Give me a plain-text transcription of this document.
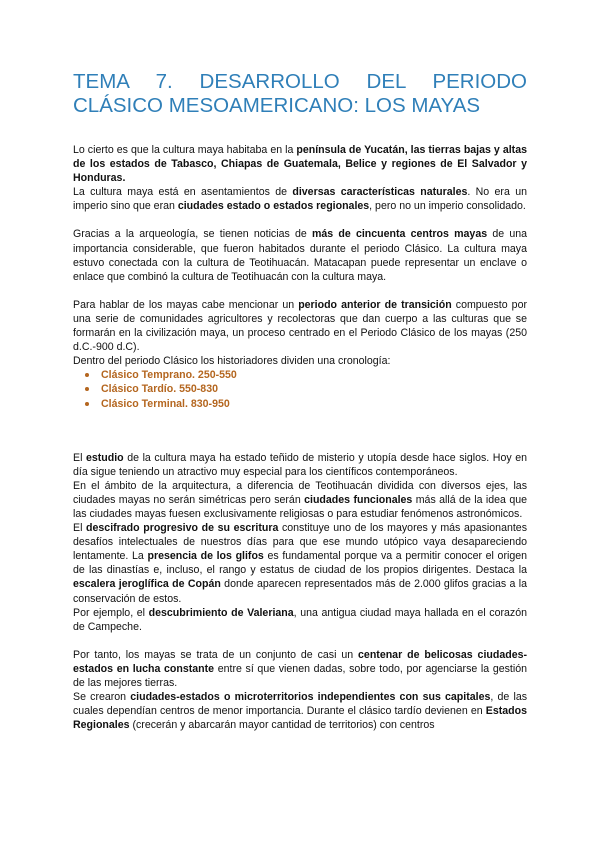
TEMA 7. DESARROLLO DEL PERIODO
CLÁSICO MESOAMERICANO: LOS MAYAS

Lo cierto es que la cultura maya habitaba en la península de Yucatán, las tierras bajas y altas de los estados de Tabasco, Chiapas de Guatemala, Belice y regiones de El Salvador y Honduras.

La cultura maya está en asentamientos de diversas características naturales. No era un imperio sino que eran ciudades estado o estados regionales, pero no un imperio consolidado.

Gracias a la arqueología, se tienen noticias de más de cincuenta centros mayas de una importancia considerable, que fueron habitados durante el periodo Clásico. La cultura maya estuvo conectada con la cultura de Teotihuacán. Matacapan puede representar un enclave o enlace que combinó la cultura de Teotihuacán con la cultura maya.

Para hablar de los mayas cabe mencionar un periodo anterior de transición compuesto por una serie de comunidades agricultores y recolectoras que dan cuerpo a las culturas que se formarán en la civilización maya, un proceso centrado en el Periodo Clásico de los mayas (250 d.C.-900 d.C).

Dentro del periodo Clásico los historiadores dividen una cronología:

Clásico Temprano. 250-550
Clásico Tardío. 550-830
Clásico Terminal. 830-950

El estudio de la cultura maya ha estado teñido de misterio y utopía desde hace siglos. Hoy en día sigue teniendo un atractivo muy especial para los científicos contemporáneos.

En el ámbito de la arquitectura, a diferencia de Teotihuacán dividida con diversos ejes, las ciudades mayas no serán simétricas pero serán ciudades funcionales más allá de la idea que las ciudades mayas fuesen exclusivamente religiosas o para estudiar fenómenos astronómicos.

El descifrado progresivo de su escritura constituye uno de los mayores y más apasionantes desafíos intelectuales de nuestros días para que ese mundo utópico vaya desapareciendo lentamente. La presencia de los glifos es fundamental porque va a permitir conocer el origen de las dinastías e, incluso, el rango y estatus de ciudad de los propios dirigentes. Destaca la escalera jeroglífica de Copán donde aparecen representados más de 2.000 glifos gracias a la conservación de estos.

Por ejemplo, el descubrimiento de Valeriana, una antigua ciudad maya hallada en el corazón de Campeche.

Por tanto, los mayas se trata de un conjunto de casi un centenar de belicosas ciudades-estados en lucha constante entre sí que vienen dadas, sobre todo, por agenciarse la gestión de las mejores tierras.

Se crearon ciudades-estados o microterritorios independientes con sus capitales, de las cuales dependían centros de menor importancia. Durante el clásico tardío devienen en Estados Regionales (crecerán y abarcarán mayor cantidad de territorios) con centros
